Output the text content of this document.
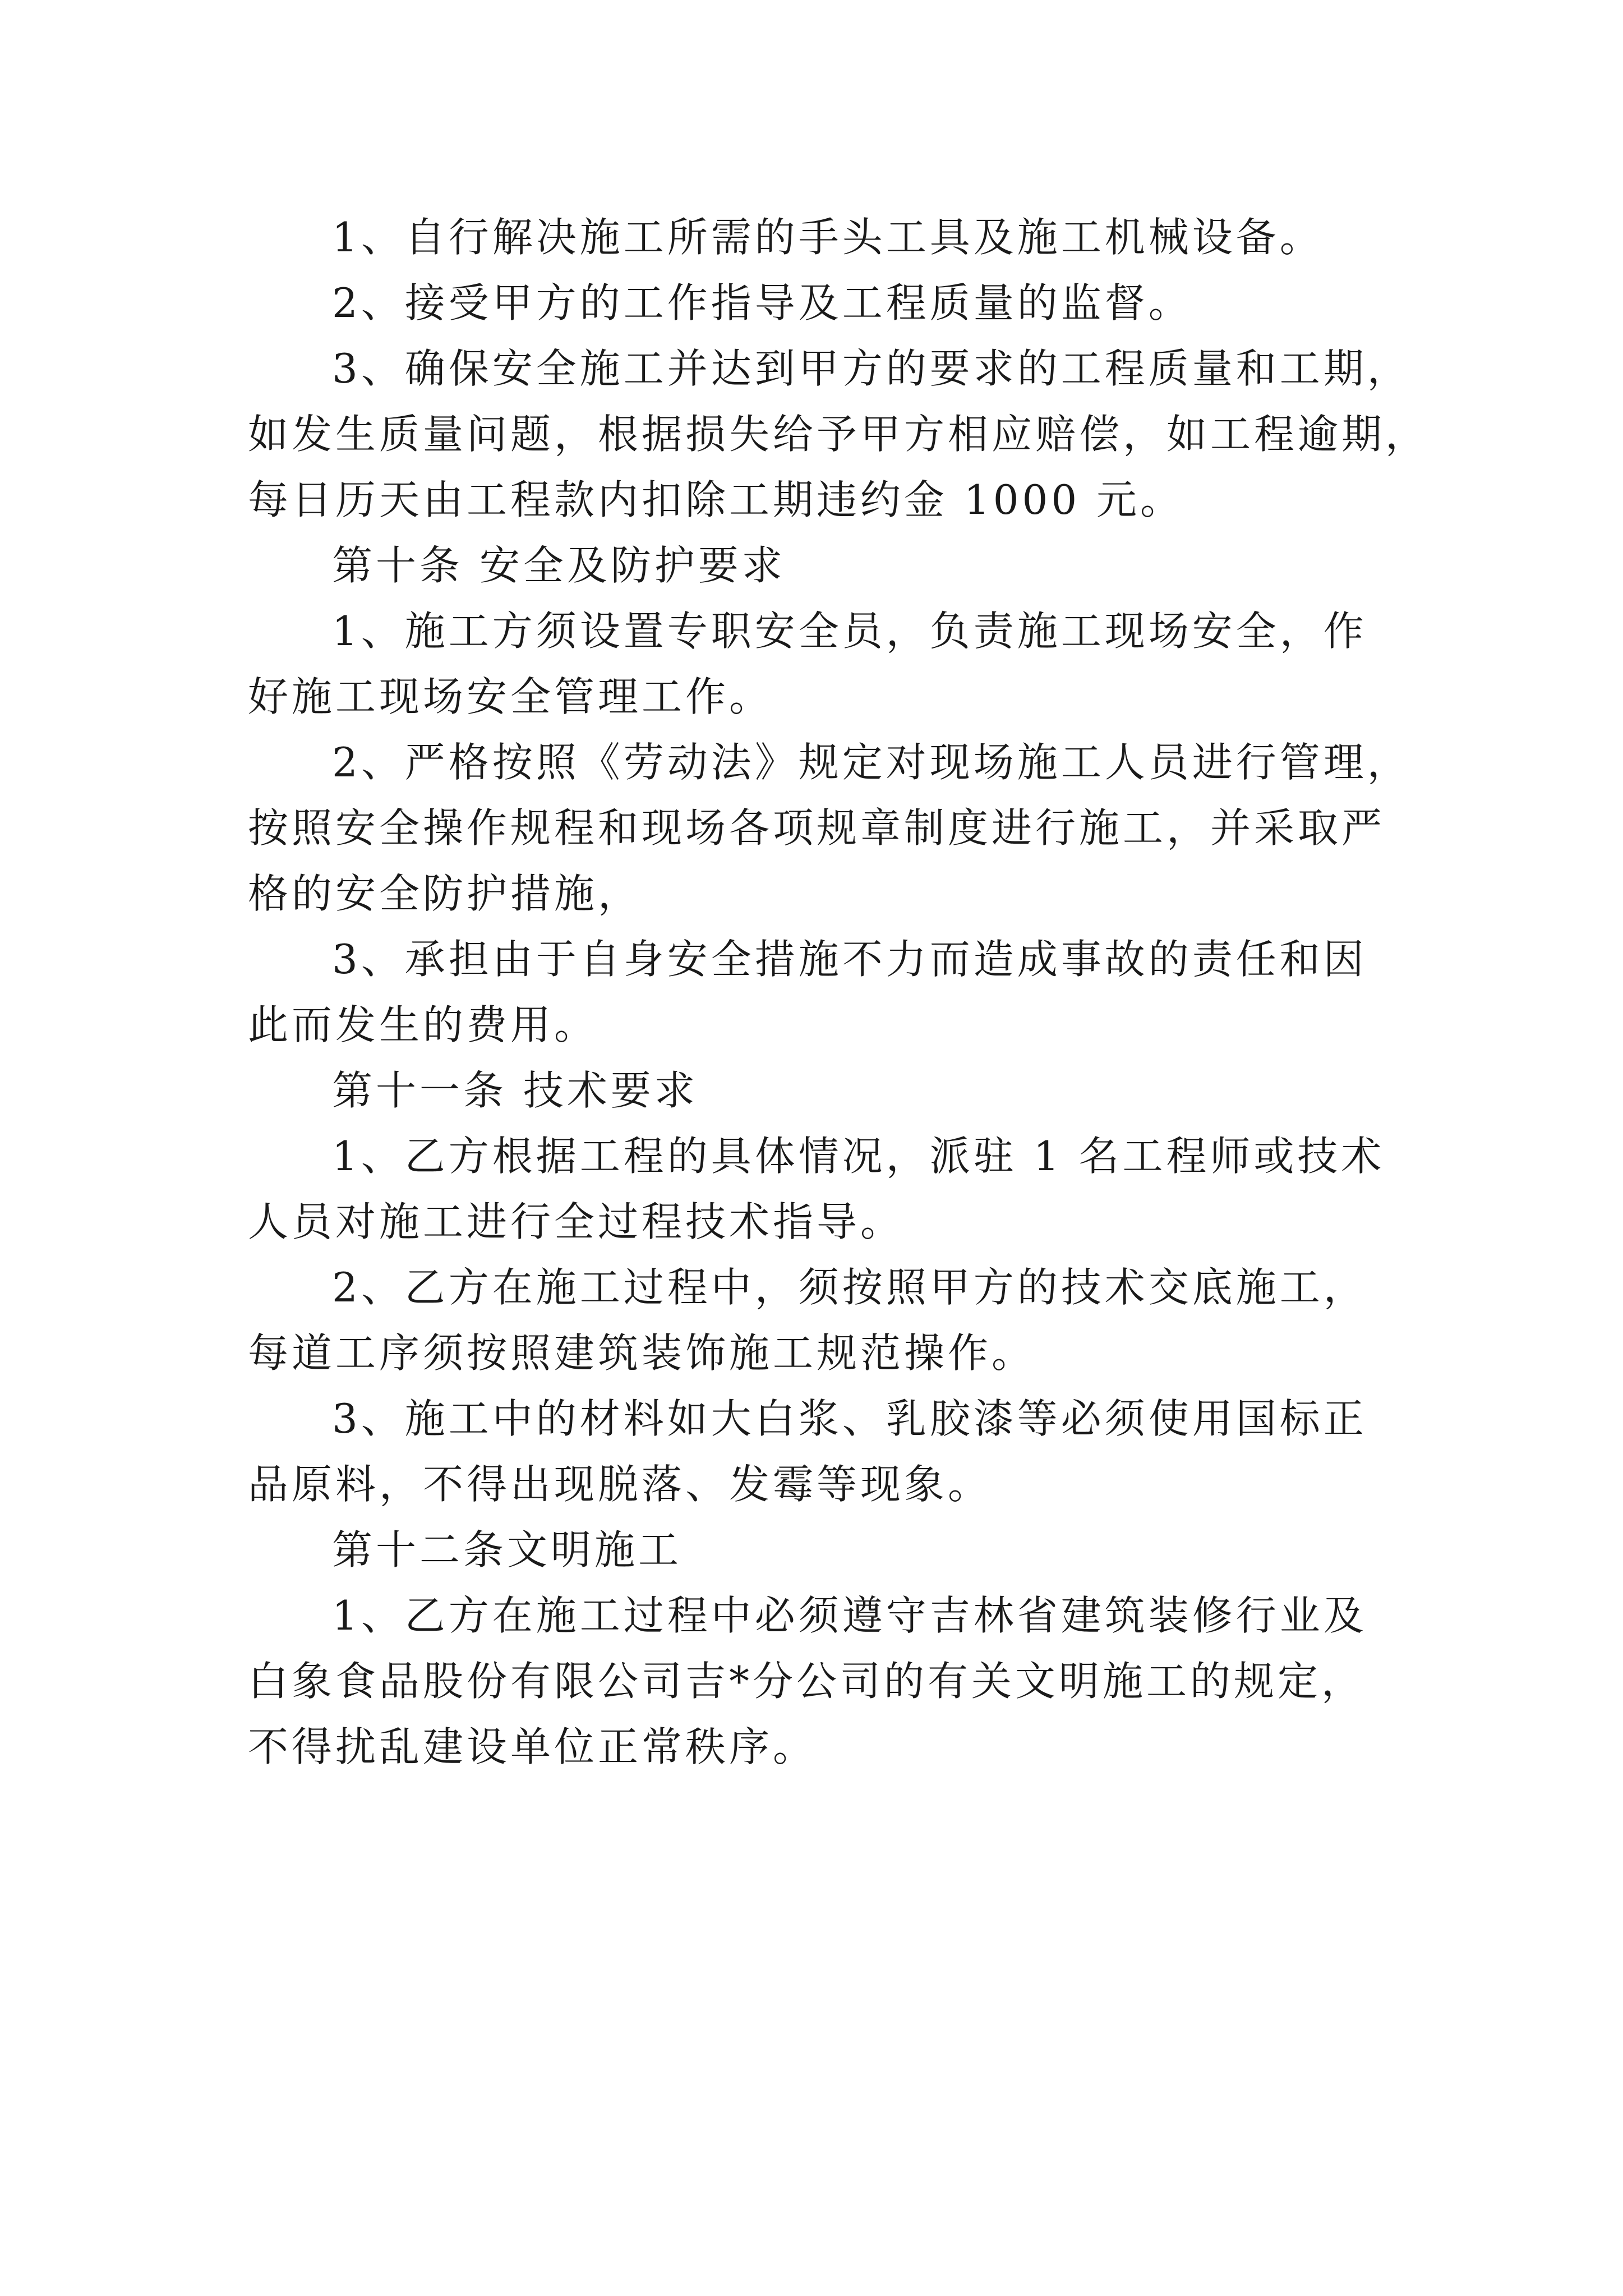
1、自行解决施工所需的手头工具及施工机械设备。
2、接受甲方的工作指导及工程质量的监督。
3、确保安全施工并达到甲方的要求的工程质量和工期，
如发生质量问题，根据损失给予甲方相应赔偿，如工程逾期，
每日历天由工程款内扣除工期违约金 1000 元。
第十条 安全及防护要求
1、施工方须设置专职安全员，负责施工现场安全，作
好施工现场安全管理工作。
2、严格按照《劳动法》规定对现场施工人员进行管理，
按照安全操作规程和现场各项规章制度进行施工，并采取严
格的安全防护措施，
3、承担由于自身安全措施不力而造成事故的责任和因
此而发生的费用。
第十一条 技术要求
1、乙方根据工程的具体情况，派驻 1 名工程师或技术
人员对施工进行全过程技术指导。
2、乙方在施工过程中，须按照甲方的技术交底施工，
每道工序须按照建筑装饰施工规范操作。
3、施工中的材料如大白浆、乳胶漆等必须使用国标正
品原料，不得出现脱落、发霉等现象。
第十二条文明施工
1、乙方在施工过程中必须遵守吉林省建筑装修行业及
白象食品股份有限公司吉*分公司的有关文明施工的规定，
不得扰乱建设单位正常秩序。
